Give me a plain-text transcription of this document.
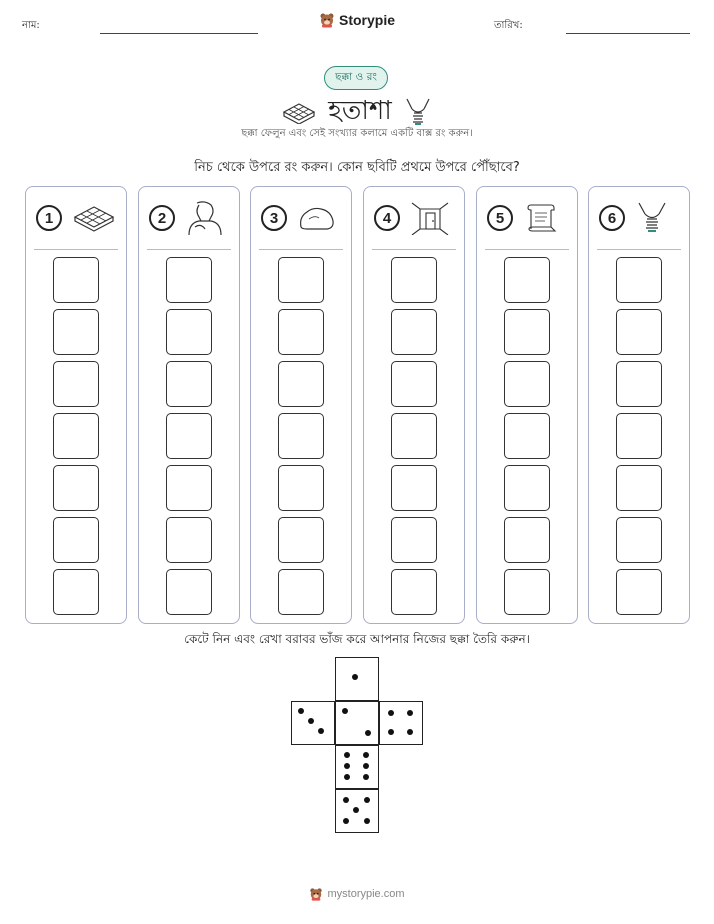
নাম:	Storypie	তারিখ:
ছক্কা ও রং
হতাশা
ছক্কা ফেলুন এবং সেই সংখ্যার কলামে একটি বাক্স রং করুন।
নিচ থেকে উপরে রং করুন। কোন ছবিটি প্রথমে উপরে পৌঁছাবে?
1	2	3	4	5	6
কেটে নিন এবং রেখা বরাবর ভাঁজ করে আপনার নিজের ছক্কা তৈরি করুন।
mystorypie.com
